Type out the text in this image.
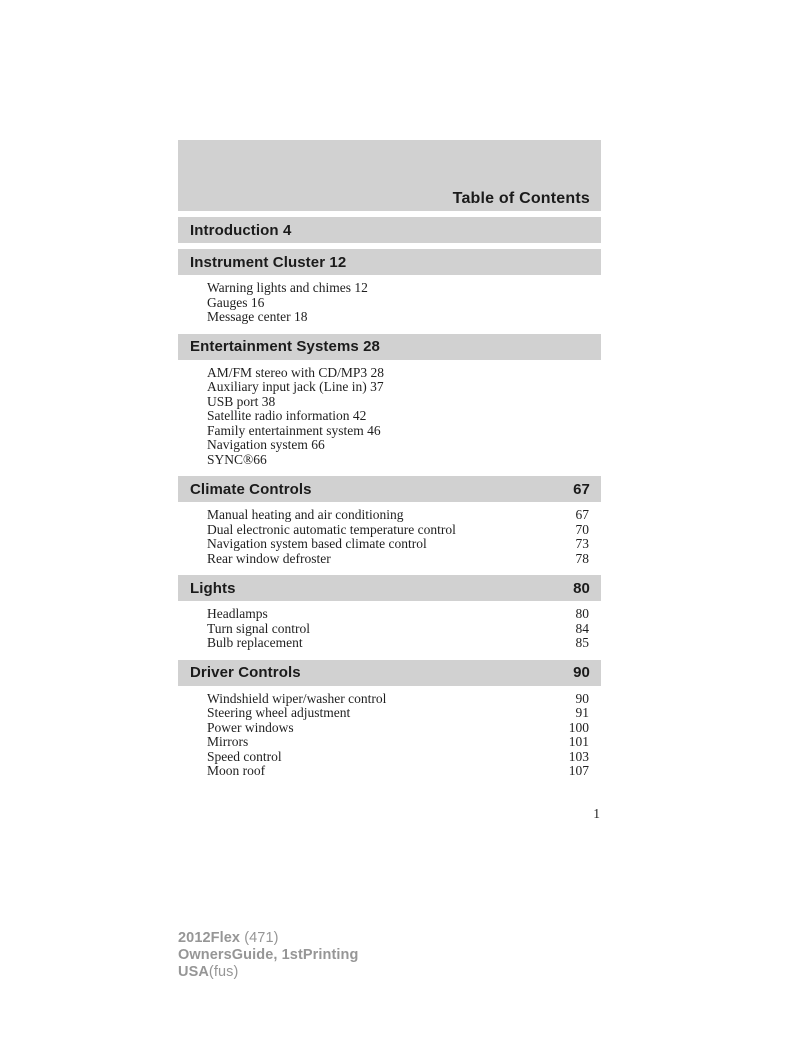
Table of Contents
Introduction 4
Instrument Cluster 12
Warning lights and chimes 12
Gauges 16
Message center 18
Entertainment Systems 28
AM/FM stereo with CD/MP3 28
Auxiliary input jack (Line in) 37
USB port 38
Satellite radio information 42
Family entertainment system 46
Navigation system 66
SYNC®66
Climate Controls	67
Manual heating and air conditioning	67
Dual electronic automatic temperature control	70
Navigation system based climate control	73
Rear window defroster	78
Lights	80
Headlamps	80
Turn signal control	84
Bulb replacement	85
Driver Controls	90
Windshield wiper/washer control	90
Steering wheel adjustment	91
Power windows	100
Mirrors	101
Speed control	103
Moon roof	107
1
2012Flex (471)
OwnersGuide, 1stPrinting
USA(fus)
